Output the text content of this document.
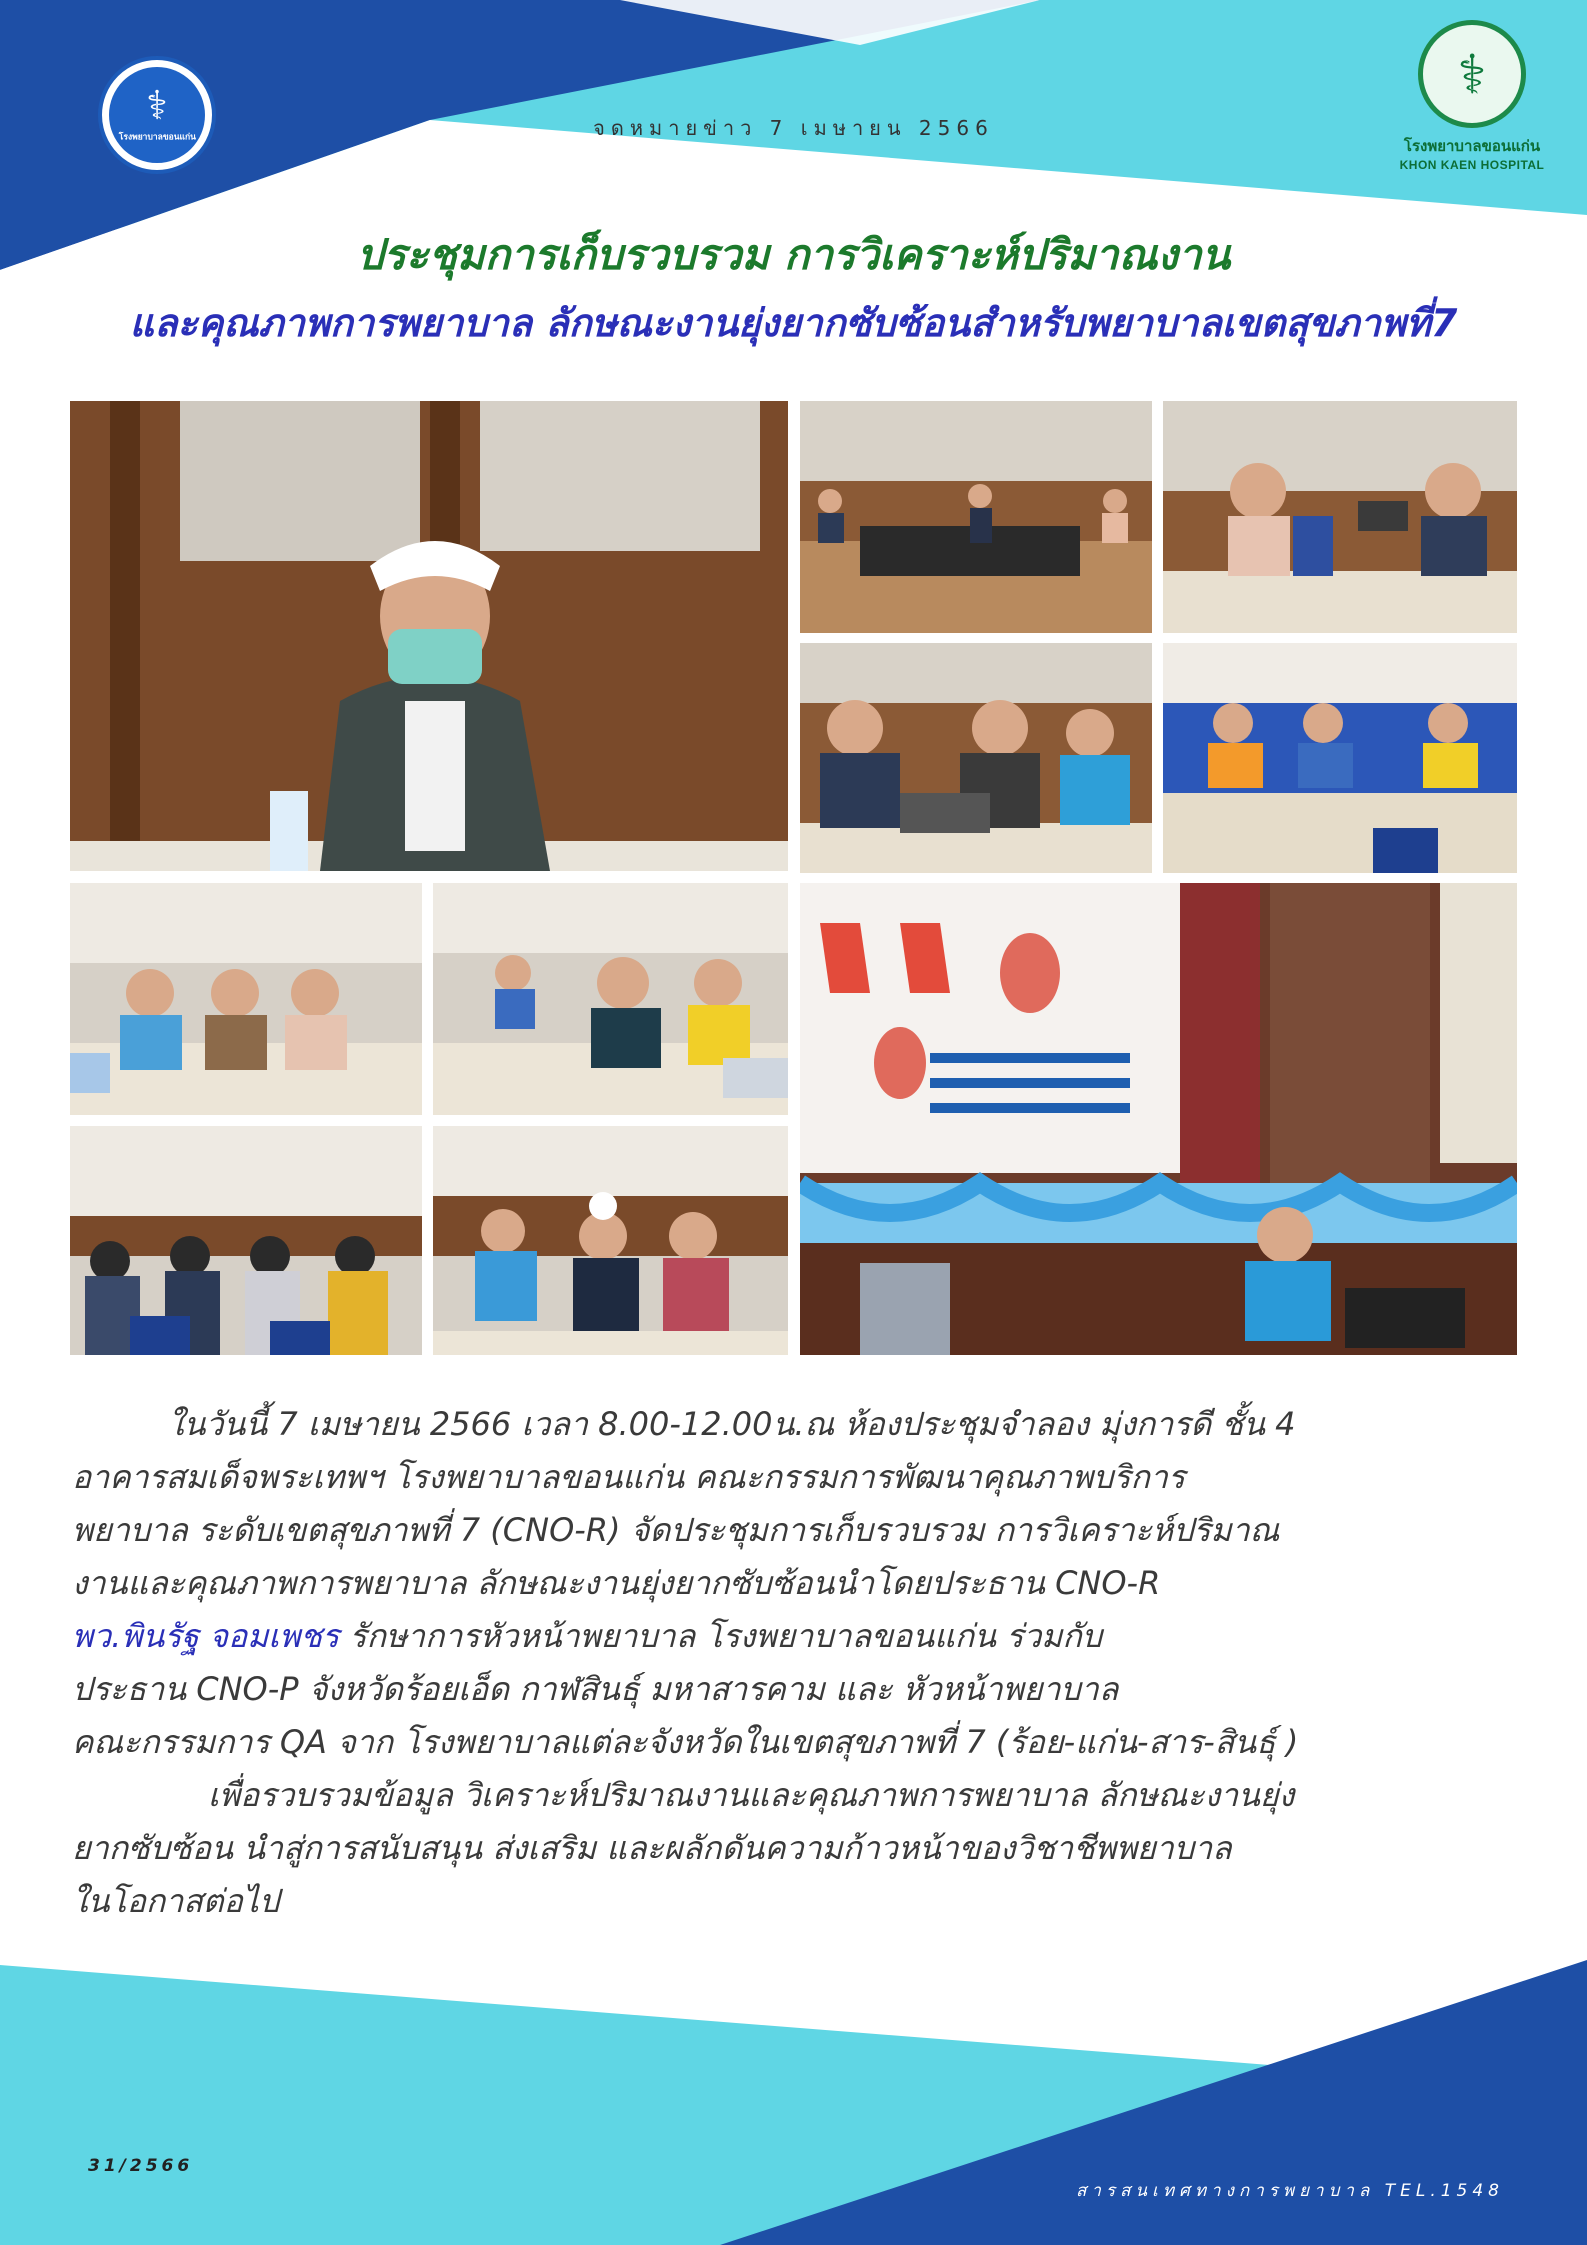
⚕
โรงพยาบาลขอนแก่น
⚕
โรงพยาบาลขอนแก่น
KHON KAEN HOSPITAL
จดหมายข่าว 7 เมษายน 2566
ประชุมการเก็บรวบรวม การวิเคราะห์ปริมาณงาน
และคุณภาพการพยาบาล ลักษณะงานยุ่งยากซับซ้อนสำหรับพยาบาลเขตสุขภาพที่7

ในวันนี้ 7 เมษายน 2566 เวลา 8.00-12.00น.ณ ห้องประชุมจำลอง มุ่งการดี ชั้น 4
อาคารสมเด็จพระเทพฯ โรงพยาบาลขอนแก่น คณะกรรมการพัฒนาคุณภาพบริการ
พยาบาล ระดับเขตสุขภาพที่ 7 (CNO-R) จัดประชุมการเก็บรวบรวม การวิเคราะห์ปริมาณ
งานและคุณภาพการพยาบาล ลักษณะงานยุ่งยากซับซ้อนนำโดยประธาน CNO-R
พว.พินรัฐ จอมเพชร รักษาการหัวหน้าพยาบาล โรงพยาบาลขอนแก่น ร่วมกับ
ประธาน CNO-P จังหวัดร้อยเอ็ด กาฬสินธุ์ มหาสารคาม และ หัวหน้าพยาบาล
คณะกรรมการ QA จาก โรงพยาบาลแต่ละจังหวัดในเขตสุขภาพที่ 7 (ร้อย-แก่น-สาร-สินธุ์ )

เพื่อรวบรวมข้อมูล วิเคราะห์ปริมาณงานและคุณภาพการพยาบาล ลักษณะงานยุ่ง
ยากซับซ้อน นำสู่การสนับสนุน ส่งเสริม และผลักดันความก้าวหน้าของวิชาชีพพยาบาล
ในโอกาสต่อไป

31/2566
สารสนเทศทางการพยาบาล TEL.1548
